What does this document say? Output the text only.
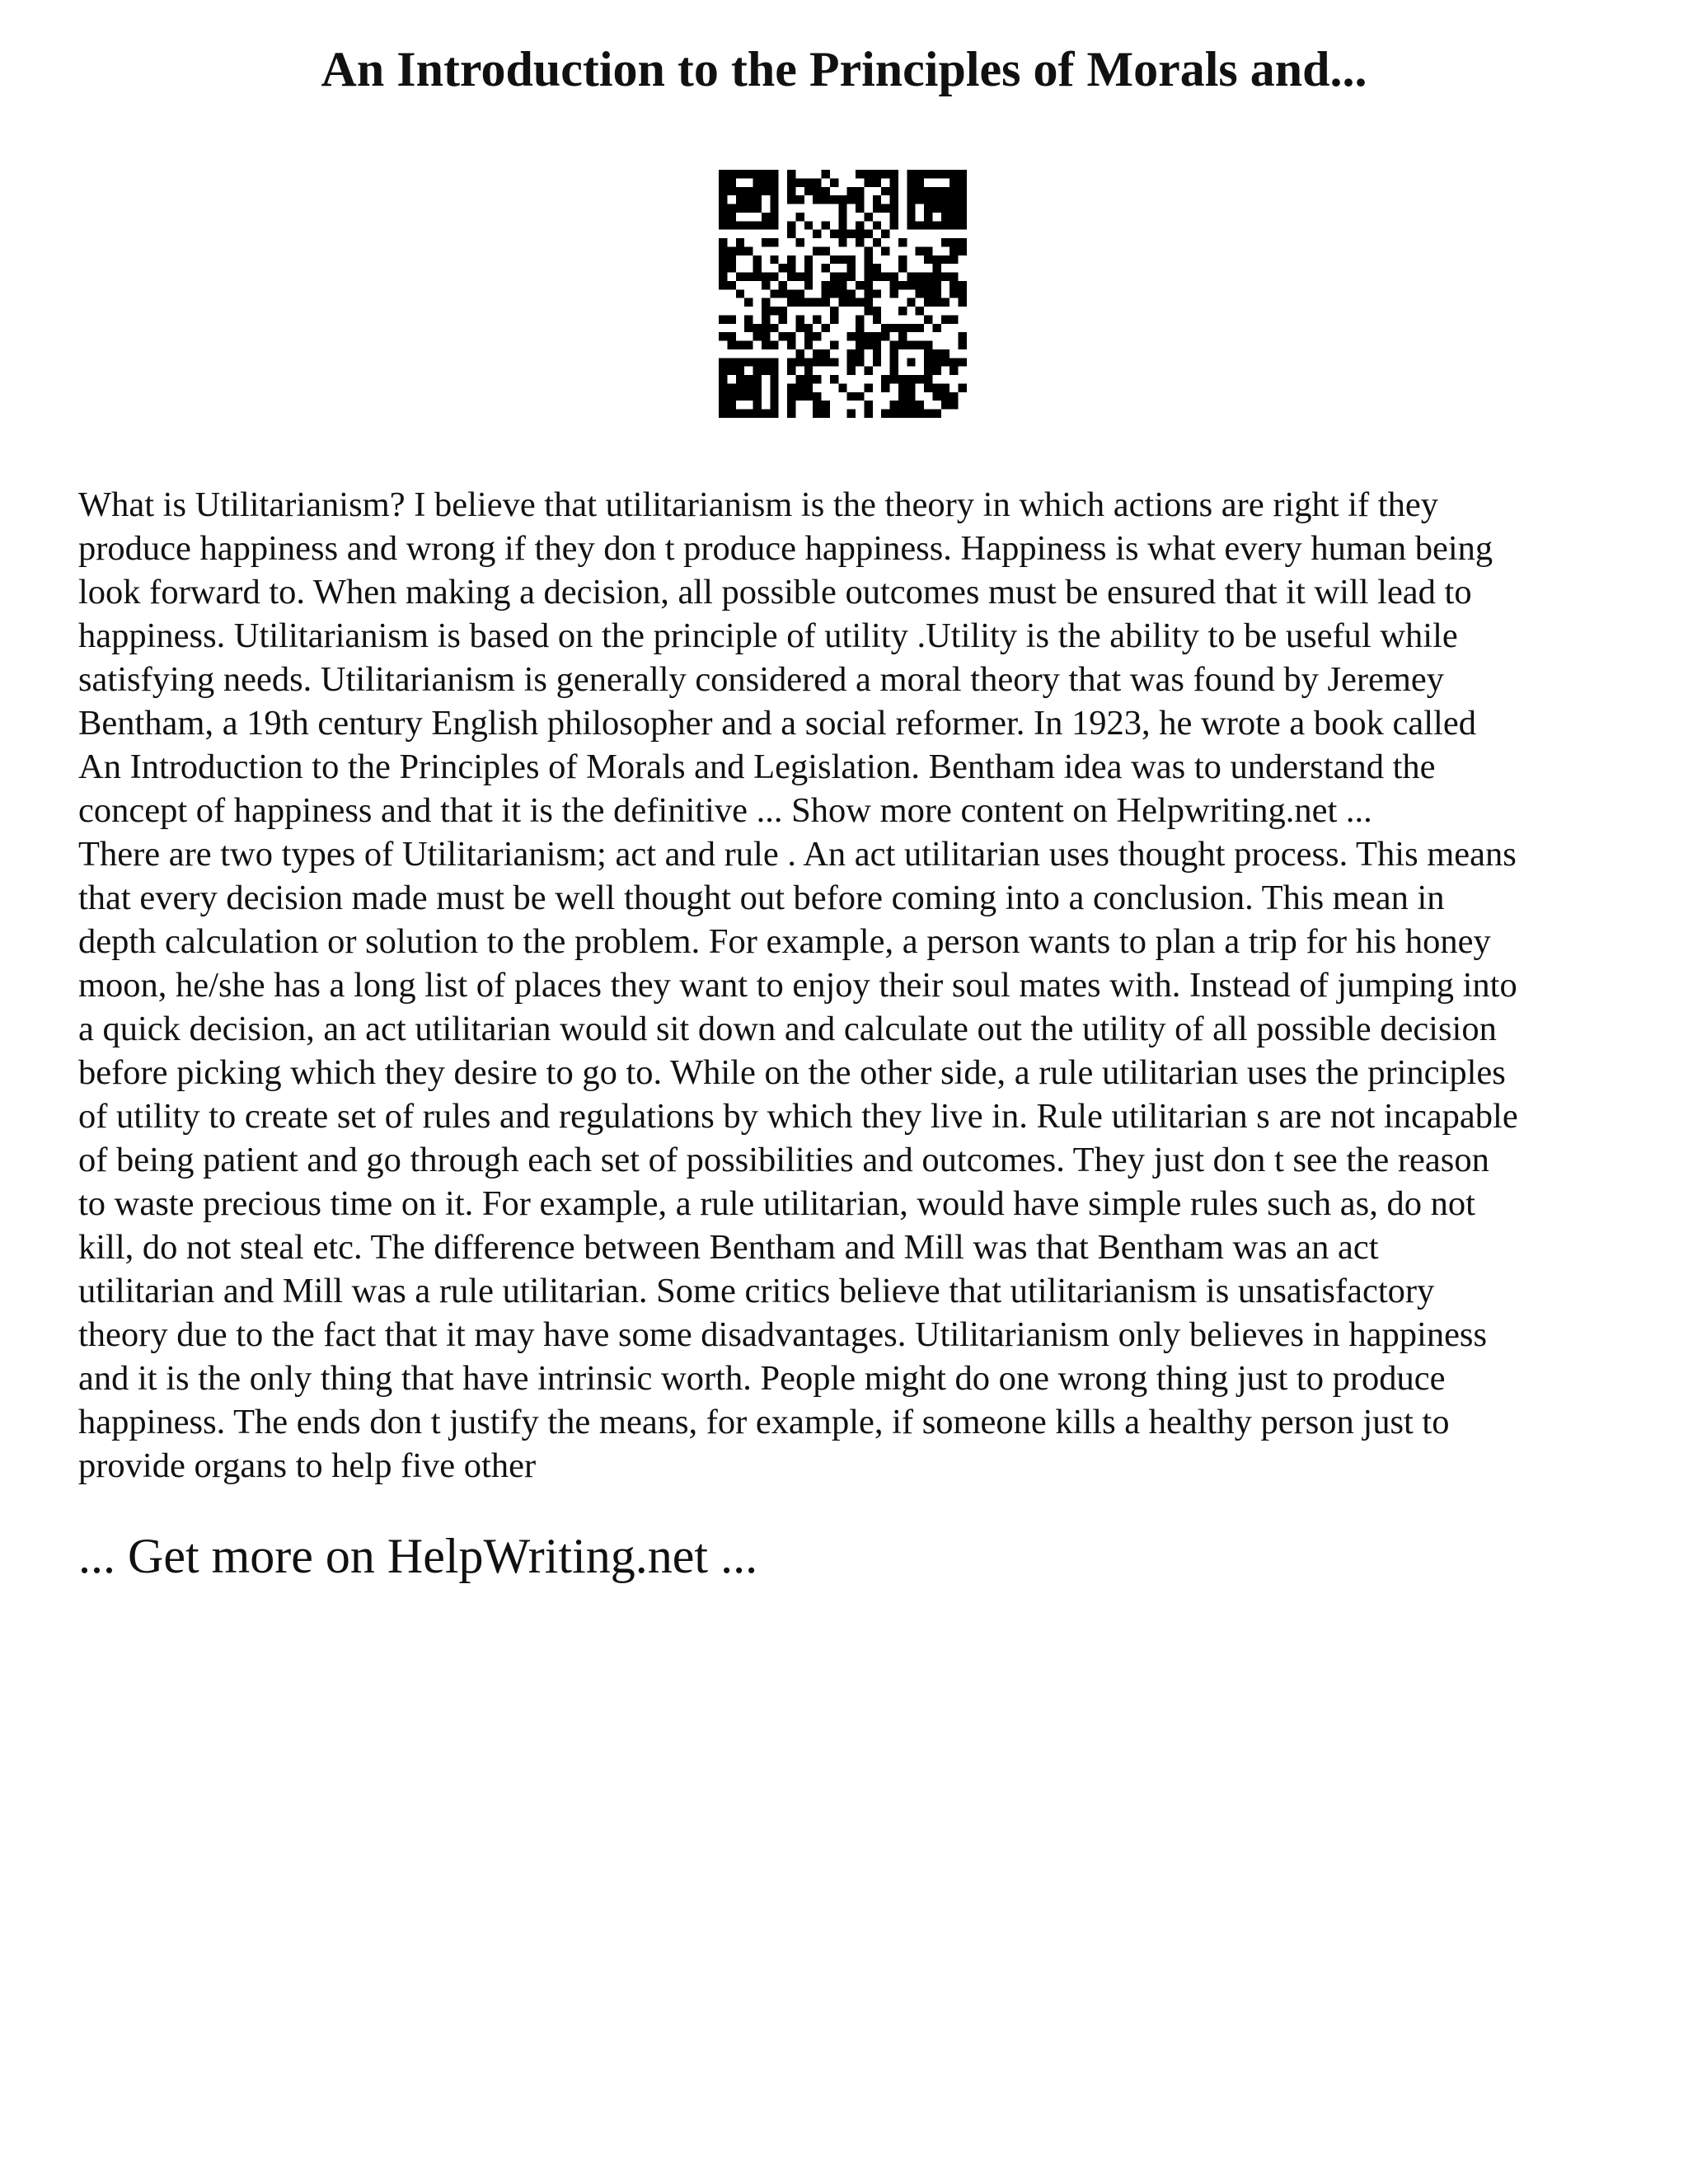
An Introduction to the Principles of Morals and...

What is Utilitarianism? I believe that utilitarianism is the theory in which actions are right if they
produce happiness and wrong if they don t produce happiness. Happiness is what every human being
look forward to. When making a decision, all possible outcomes must be ensured that it will lead to
happiness. Utilitarianism is based on the principle of utility .Utility is the ability to be useful while
satisfying needs. Utilitarianism is generally considered a moral theory that was found by Jeremey
Bentham, a 19th century English philosopher and a social reformer. In 1923, he wrote a book called
An Introduction to the Principles of Morals and Legislation. Bentham idea was to understand the
concept of happiness and that it is the definitive ... Show more content on Helpwriting.net ...
There are two types of Utilitarianism; act and rule . An act utilitarian uses thought process. This means
that every decision made must be well thought out before coming into a conclusion. This mean in
depth calculation or solution to the problem. For example, a person wants to plan a trip for his honey
moon, he/she has a long list of places they want to enjoy their soul mates with. Instead of jumping into
a quick decision, an act utilitarian would sit down and calculate out the utility of all possible decision
before picking which they desire to go to. While on the other side, a rule utilitarian uses the principles
of utility to create set of rules and regulations by which they live in. Rule utilitarian s are not incapable
of being patient and go through each set of possibilities and outcomes. They just don t see the reason
to waste precious time on it. For example, a rule utilitarian, would have simple rules such as, do not
kill, do not steal etc. The difference between Bentham and Mill was that Bentham was an act
utilitarian and Mill was a rule utilitarian. Some critics believe that utilitarianism is unsatisfactory
theory due to the fact that it may have some disadvantages. Utilitarianism only believes in happiness
and it is the only thing that have intrinsic worth. People might do one wrong thing just to produce
happiness. The ends don t justify the means, for example, if someone kills a healthy person just to
provide organs to help five other

... Get more on HelpWriting.net ...
